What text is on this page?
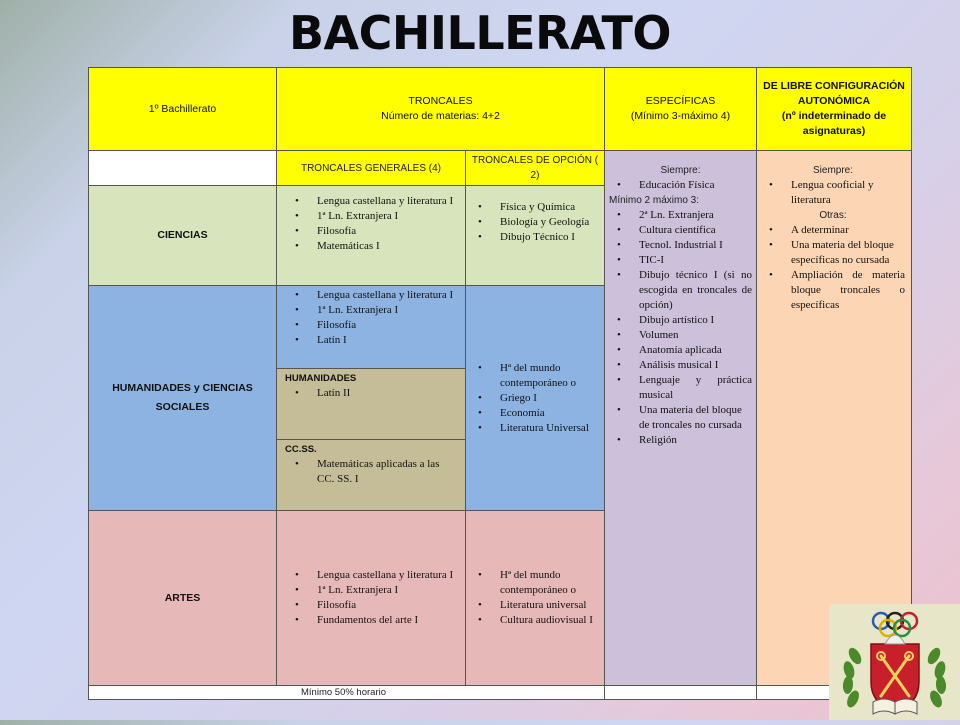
BACHILLERATO
1º Bachillerato
TRONCALES
Número de materias: 4+2
ESPECÍFICAS
(Mínimo 3-máximo 4)
DE LIBRE CONFIGURACIÓN AUTONÓMICA
(nº indeterminado de asignaturas)
TRONCALES GENERALES (4)
TRONCALES DE OPCIÓN ( 2)
CIENCIAS
• Lengua castellana y literatura I
• 1ª Ln. Extranjera I
• Filosofía
• Matemáticas I
• Física y Química
• Biología y Geología
• Dibujo Técnico I
HUMANIDADES y CIENCIAS SOCIALES
• Lengua castellana y literatura I
• 1ª Ln. Extranjera I
• Filosofía
• Latín I
HUMANIDADES
• Latín II
CC.SS.
• Matemáticas aplicadas a las CC. SS. I
• Hª del mundo contemporáneo o
• Griego I
• Economía
• Literatura Universal
ARTES
• Lengua castellana y literatura I
• 1ª Ln. Extranjera I
• Filosofía
• Fundamentos del arte I
• Hª del mundo contemporáneo o
• Literatura universal
• Cultura audiovisual I
Siempre:
• Educación Física
Mínimo 2 máximo 3:
• 2ª Ln. Extranjera
• Cultura científica
• Tecnol. Industrial I
• TIC-I
• Dibujo técnico I (si no escogida en troncales de opción)
• Dibujo artístico I
• Volumen
• Anatomía aplicada
• Análisis musical I
• Lenguaje y práctica musical
• Una materia del bloque de troncales no cursada
• Religión
Siempre:
• Lengua cooficial y literatura
Otras:
• A determinar
• Una materia del bloque específicas no cursada
• Ampliación de materia bloque troncales o específicas
Mínimo 50% horario
